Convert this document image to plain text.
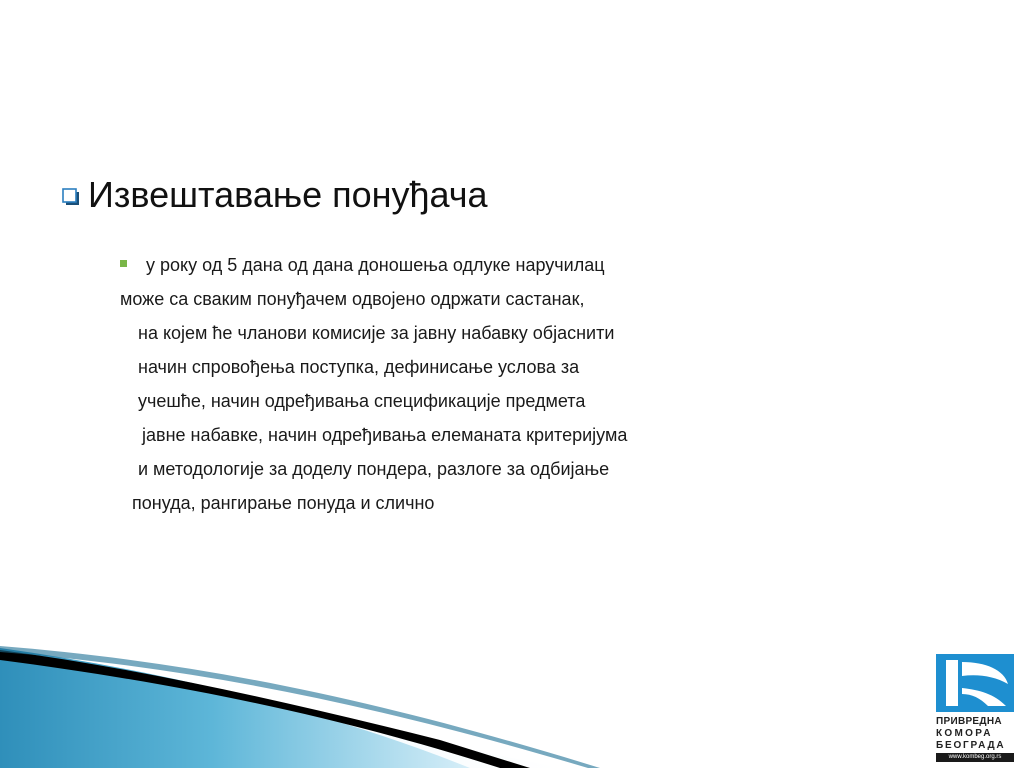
Извештавање понуђача
у року од 5 дана од дана доношења одлуке наручилац
може са сваким понуђачем одвојено одржати састанак,
на којем ће чланови комисије за јавну набавку објаснити
начин спровођења поступка, дефинисање услова за
учешће, начин одређивања спецификације предмета
јавне набавке, начин одређивања елеманата критеријума
и методологије за доделу пондера, разлоге за одбијање
понуда, рангирање понуда и слично
ПРИВРЕДНА
КОМОРА
БЕОГРАДА
www.kombeg.org.rs
